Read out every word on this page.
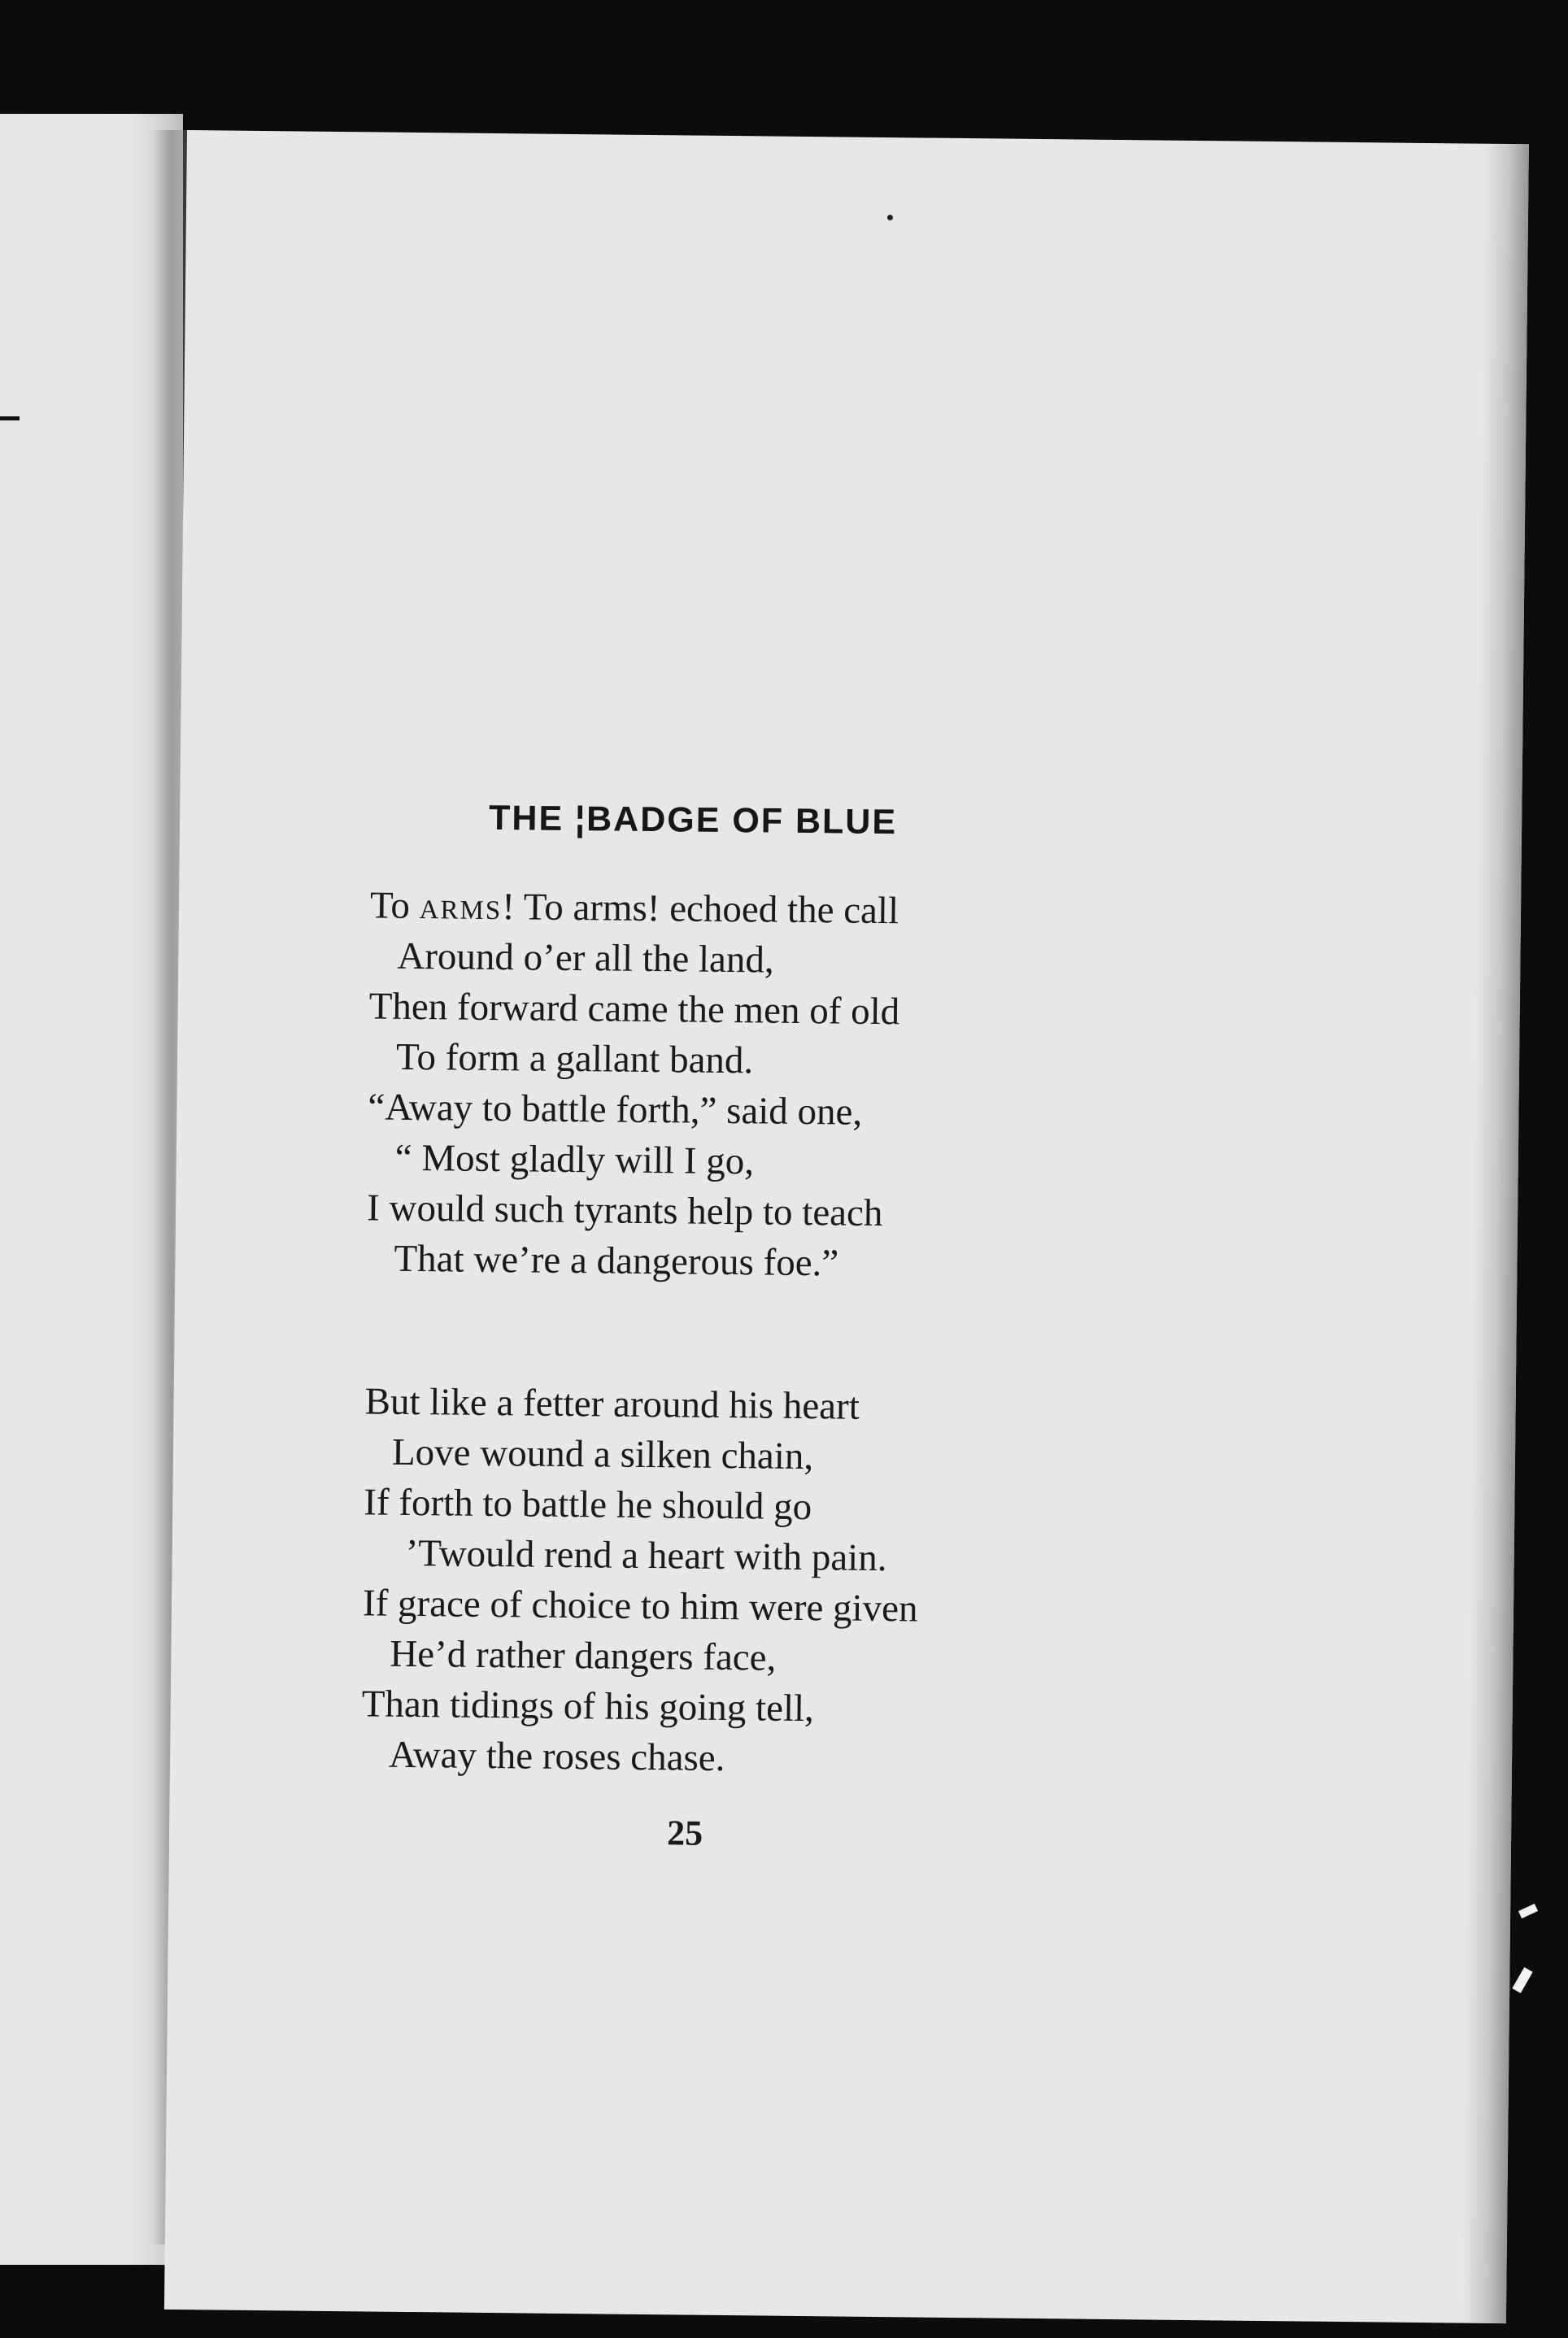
THE ¦BADGE OF BLUE
To arms! To arms! echoed the call
Around o’er all the land,
Then forward came the men of old
To form a gallant band.
“Away to battle forth,” said one,
“ Most gladly will I go,
I would such tyrants help to teach
That we’re a dangerous foe.”
But like a fetter around his heart
Love wound a silken chain,
If forth to battle he should go
’Twould rend a heart with pain.
If grace of choice to him were given
He’d rather dangers face,
Than tidings of his going tell,
Away the roses chase.
25
